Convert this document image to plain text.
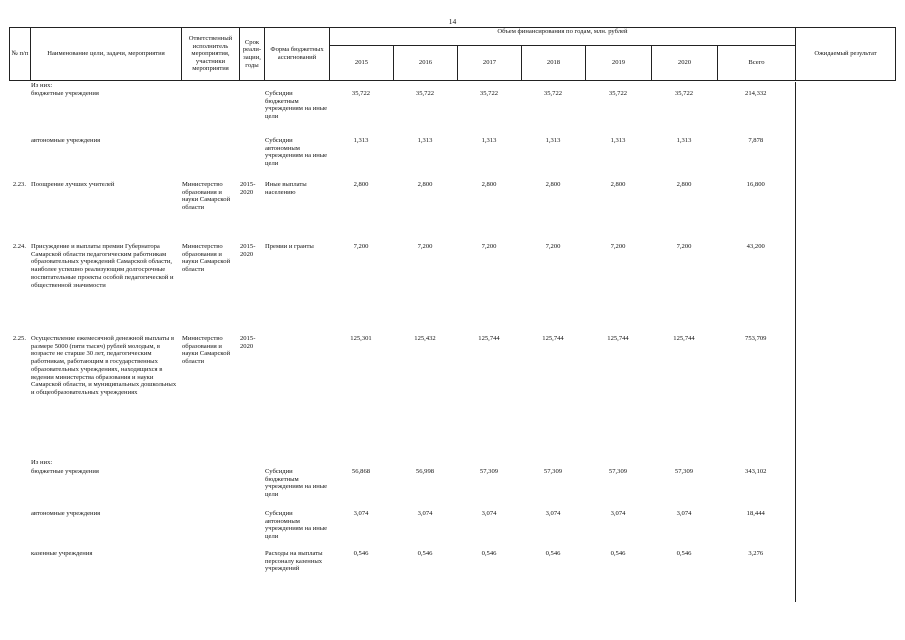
14
№ п/п	Наименование цели, задачи, мероприятия	Ответственный исполнитель мероприятия, участники мероприятия	Срок реали-зации, годы	Форма бюджетных ассигнований	Объем финансирования по годам, млн. рублей							Ожидаемый результат
					2015	2016	2017	2018	2019	2020	Всего	
	Из них:											
	бюджетные учреждения			Субсидии бюджетным учреждениям на иные цели	35,722	35,722	35,722	35,722	35,722	35,722	214,332	
	автономные учреждения			Субсидии автономным учреждениям на иные цели	1,313	1,313	1,313	1,313	1,313	1,313	7,878	
2.23.	Поощрение лучших учителей	Министерство образования и науки Самарской области	2015-2020	Иные выплаты населению	2,800	2,800	2,800	2,800	2,800	2,800	16,800	
2.24.	Присуждение и выплаты премии Губернатора Самарской области педагогическим работникам образовательных учреждений Самарской области, наиболее успешно реализующим долгосрочные воспитательные проекты особой педагогической и общественной значимости	Министерство образования и науки Самарской области	2015-2020	Премии и гранты	7,200	7,200	7,200	7,200	7,200	7,200	43,200	
2.25.	Осуществление ежемесячной денежной выплаты в размере 5000 (пяти тысяч) рублей молодым, в возрасте не старше 30 лет, педагогическим работникам, работающим в государственных образовательных учреждениях, находящихся в ведении министерства образования и науки Самарской области, и муниципальных дошкольных и общеобразовательных учреждениях	Министерство образования и науки Самарской области	2015-2020		125,301	125,432	125,744	125,744	125,744	125,744	753,709	
	Из них:											
	бюджетные учреждения			Субсидии бюджетным учреждениям на иные цели	56,868	56,998	57,309	57,309	57,309	57,309	343,102	
	автономные учреждения			Субсидии автономным учреждениям на иные цели	3,074	3,074	3,074	3,074	3,074	3,074	18,444	
	казенные учреждения			Расходы на выплаты персоналу казенных учреждений	0,546	0,546	0,546	0,546	0,546	0,546	3,276	
